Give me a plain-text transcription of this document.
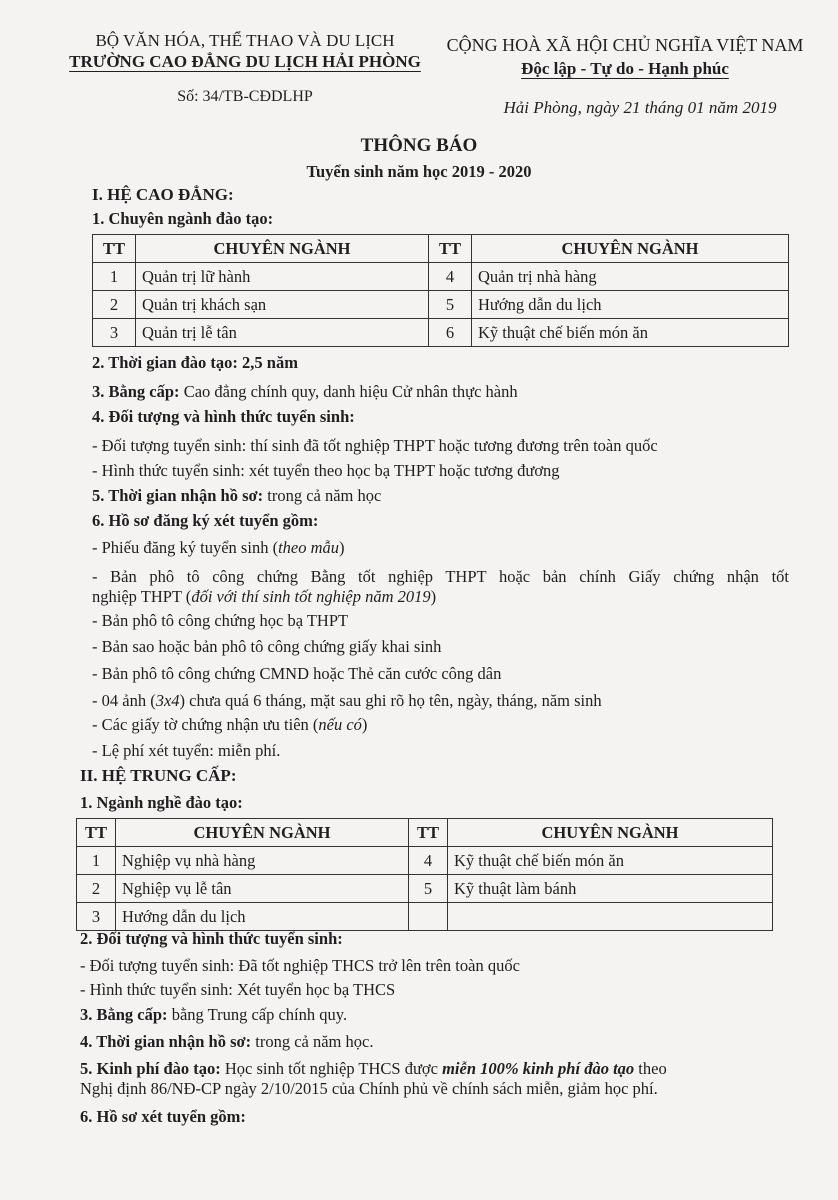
BỘ VĂN HÓA, THỂ THAO VÀ DU LỊCH
TRƯỜNG CAO ĐẲNG DU LỊCH HẢI PHÒNG
Số: 34/TB-CĐDLHP
CỘNG HOÀ XÃ HỘI CHỦ NGHĨA VIỆT NAM
Độc lập - Tự do - Hạnh phúc
Hải Phòng, ngày 21 tháng 01 năm 2019
THÔNG BÁO
Tuyển sinh năm học 2019 - 2020
I. HỆ CAO ĐẲNG:
1. Chuyên ngành đào tạo:
TT	CHUYÊN NGÀNH	TT	CHUYÊN NGÀNH
1	Quản trị lữ hành	4	Quản trị nhà hàng
2	Quản trị khách sạn	5	Hướng dẫn du lịch
3	Quản trị lễ tân	6	Kỹ thuật chế biến món ăn
2. Thời gian đào tạo: 2,5 năm
3. Bằng cấp: Cao đẳng chính quy, danh hiệu Cử nhân thực hành
4. Đối tượng và hình thức tuyển sinh:
- Đối tượng tuyển sinh: thí sinh đã tốt nghiệp THPT hoặc tương đương trên toàn quốc
- Hình thức tuyển sinh: xét tuyển theo học bạ THPT hoặc tương đương
5. Thời gian nhận hồ sơ: trong cả năm học
6. Hồ sơ đăng ký xét tuyển gồm:
- Phiếu đăng ký tuyển sinh (theo mẫu)
- Bản phô tô công chứng Bằng tốt nghiệp THPT hoặc bản chính Giấy chứng nhận tốt
nghiệp THPT (đối với thí sinh tốt nghiệp năm 2019)
- Bản phô tô công chứng học bạ THPT
- Bản sao hoặc bản phô tô công chứng giấy khai sinh
- Bản phô tô công chứng CMND hoặc Thẻ căn cước công dân
- 04 ảnh (3x4) chưa quá 6 tháng, mặt sau ghi rõ họ tên, ngày, tháng, năm sinh
- Các giấy tờ chứng nhận ưu tiên (nếu có)
- Lệ phí xét tuyển: miễn phí.
II. HỆ TRUNG CẤP:
1. Ngành nghề đào tạo:
TT	CHUYÊN NGÀNH	TT	CHUYÊN NGÀNH
1	Nghiệp vụ nhà hàng	4	Kỹ thuật chế biến món ăn
2	Nghiệp vụ lễ tân	5	Kỹ thuật làm bánh
3	Hướng dẫn du lịch		
2. Đối tượng và hình thức tuyển sinh:
- Đối tượng tuyển sinh: Đã tốt nghiệp THCS trở lên trên toàn quốc
- Hình thức tuyển sinh: Xét tuyển học bạ THCS
3. Bằng cấp: bằng Trung cấp chính quy.
4. Thời gian nhận hồ sơ: trong cả năm học.
5. Kinh phí đào tạo: Học sinh tốt nghiệp THCS được miễn 100% kinh phí đào tạo theo
Nghị định 86/NĐ-CP ngày 2/10/2015 của Chính phủ về chính sách miễn, giảm học phí.
6. Hồ sơ xét tuyển gồm:
